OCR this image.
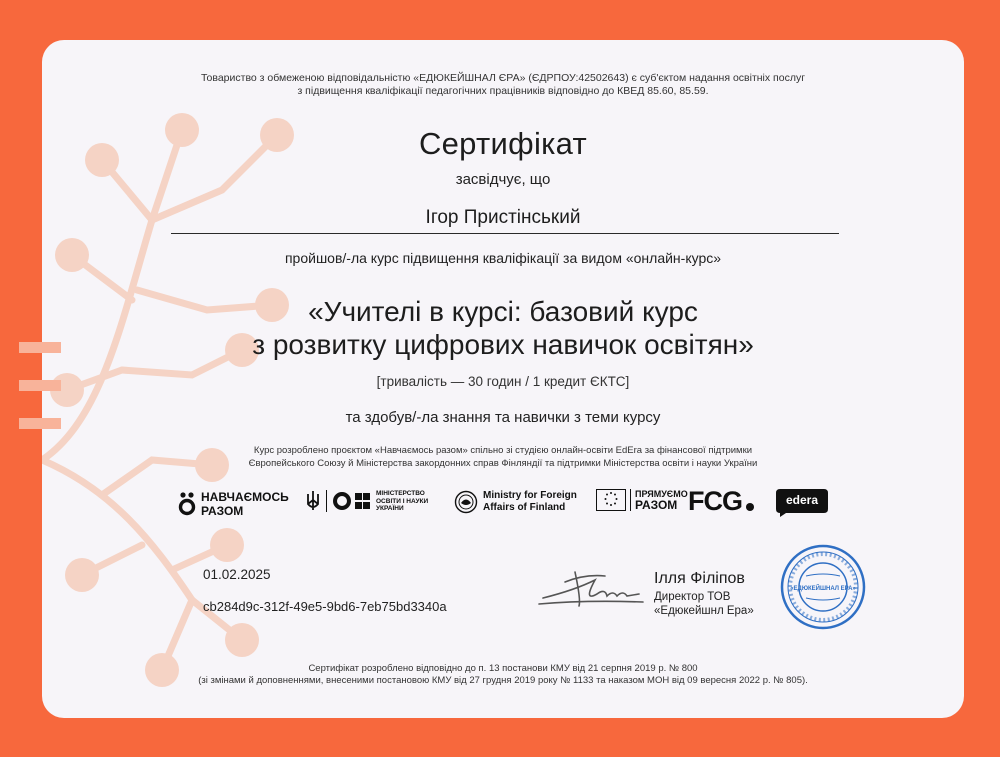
Товариство з обмеженою відповідальністю «ЕДЮКЕЙШНАЛ ЄРА» (ЄДРПОУ:42502643) є суб'єктом надання освітніх послуг
з підвищення кваліфікації педагогічних працівників відповідно до КВЕД 85.60, 85.59.
Сертифікат
засвідчує, що
Ігор Пристінський
пройшов/-ла курс підвищення кваліфікації за видом «онлайн-курс»
«Учителі в курсі: базовий курс
з розвитку цифрових навичок освітян»
[тривалість — 30 годин / 1 кредит ЄКТС]
та здобув/-ла знання та навички з теми курсу
Курс розроблено проєктом «Навчаємось разом» спільно зі студією онлайн-освіти EdEra за фінансової підтримки
Європейського Союзу й Міністерства закордонних справ Фінляндії та підтримки Міністерства освіти і науки України
НАВЧАЄМОСЬ
РАЗОМ
МІНІСТЕРСТВО
ОСВІТИ І НАУКИ
УКРАЇНИ
Ministry for Foreign
Affairs of Finland
ПРЯМУЄМО
РАЗОМ FCG	edera
01.02.2025
cb284d9c-312f-49e5-9bd6-7eb75bd3340a
Ілля Філіпов
Директор ТОВ
«Едюкейшнл Ера»
«ЕДЮКЕЙШНАЛ ЕРА»
Сертифікат розроблено відповідно до п. 13 постанови КМУ від 21 серпня 2019 р. № 800
(зі змінами й доповненнями, внесеними постановою КМУ від 27 грудня 2019 року № 1133 та наказом МОН від 09 вересня 2022 р. № 805).
